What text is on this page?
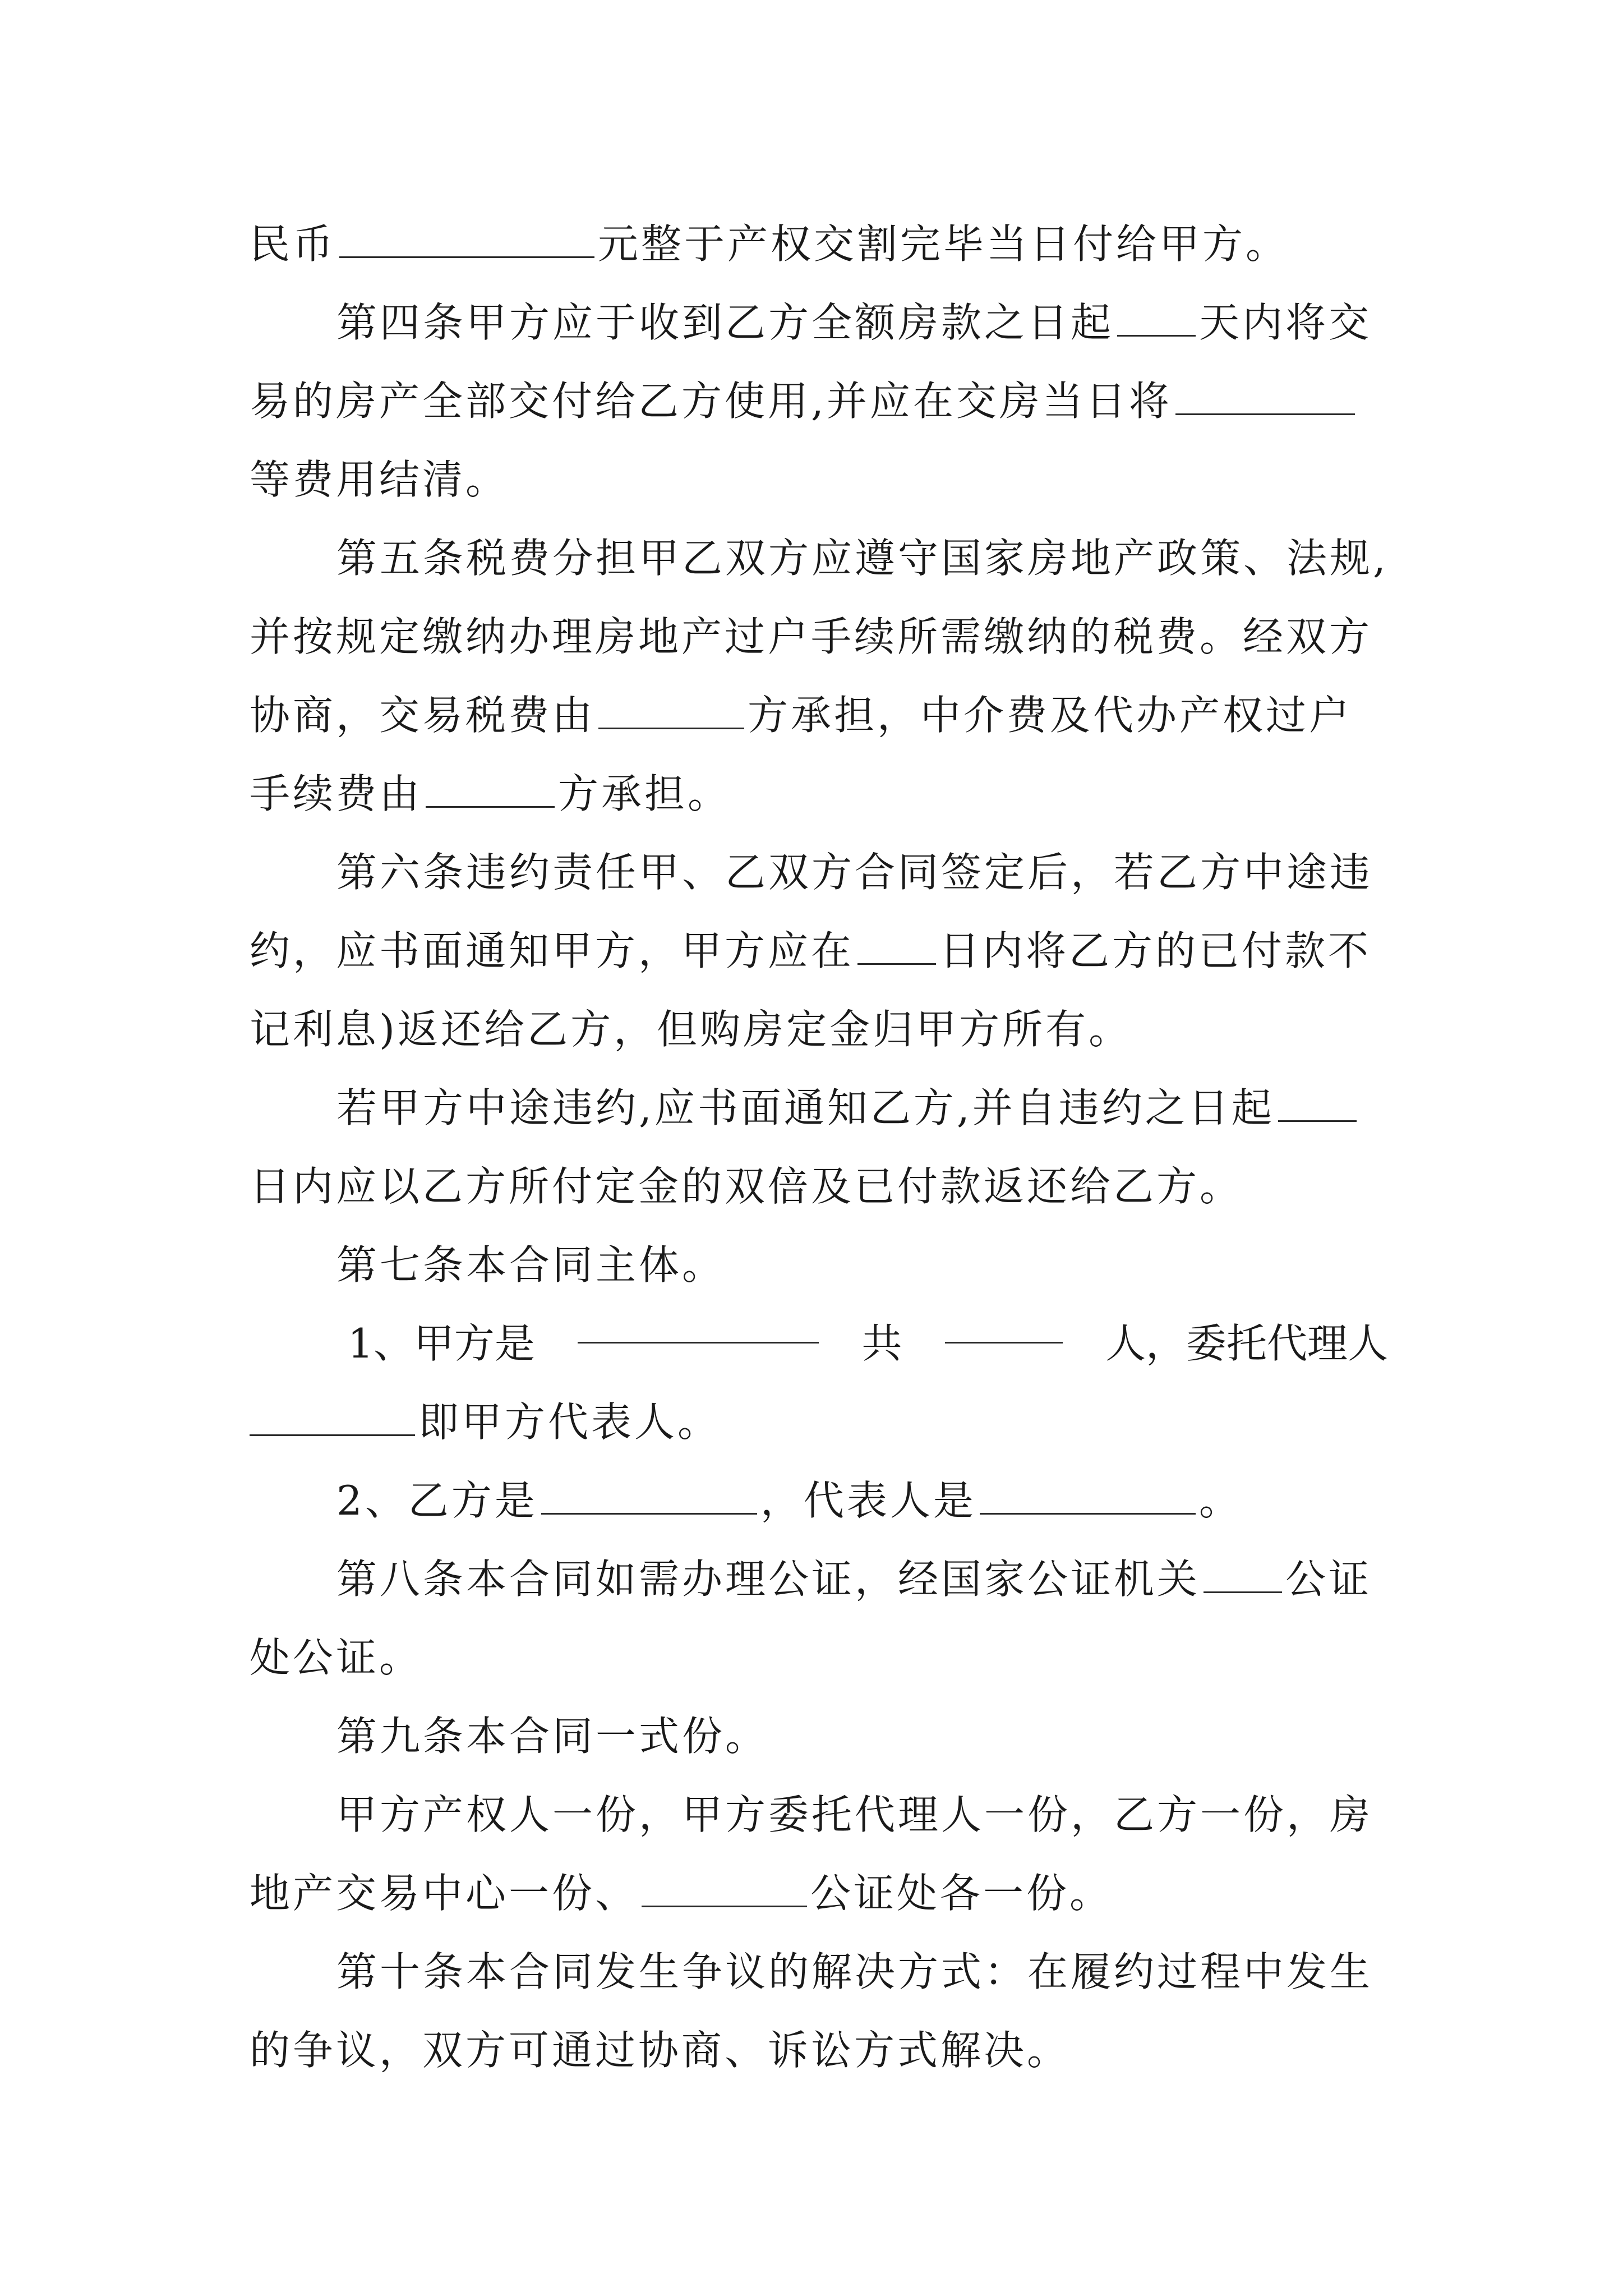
民币	元整于产权交割完毕当日付给甲方。
第四条甲方应于收到乙方全额房款之日起 天内将交
易的房产全部交付给乙方使用,并应在交房当日将
等费用结清。
第五条税费分担甲乙双方应遵守国家房地产政策、法规,
并按规定缴纳办理房地产过户手续所需缴纳的税费。经双方
协商，交易税费由	方承担，中介费及代办产权过户
手续费由	方承担。
第六条违约责任甲、乙双方合同签定后，若乙方中途违
约，应书面通知甲方，甲方应在 日内将乙方的已付款不
记利息)返还给乙方，但购房定金归甲方所有。
若甲方中途违约,应书面通知乙方,并自违约之日起
日内应以乙方所付定金的双倍及已付款返还给乙方。
第七条本合同主体。
1、甲方是	共	人，委托代理人
即甲方代表人。
2、乙方是	，代表人是	。
第八条本合同如需办理公证，经国家公证机关 公证
处公证。
第九条本合同一式份。
甲方产权人一份，甲方委托代理人一份，乙方一份，房
地产交易中心一份、	公证处各一份。
第十条本合同发生争议的解决方式：在履约过程中发生
的争议，双方可通过协商、诉讼方式解决。
